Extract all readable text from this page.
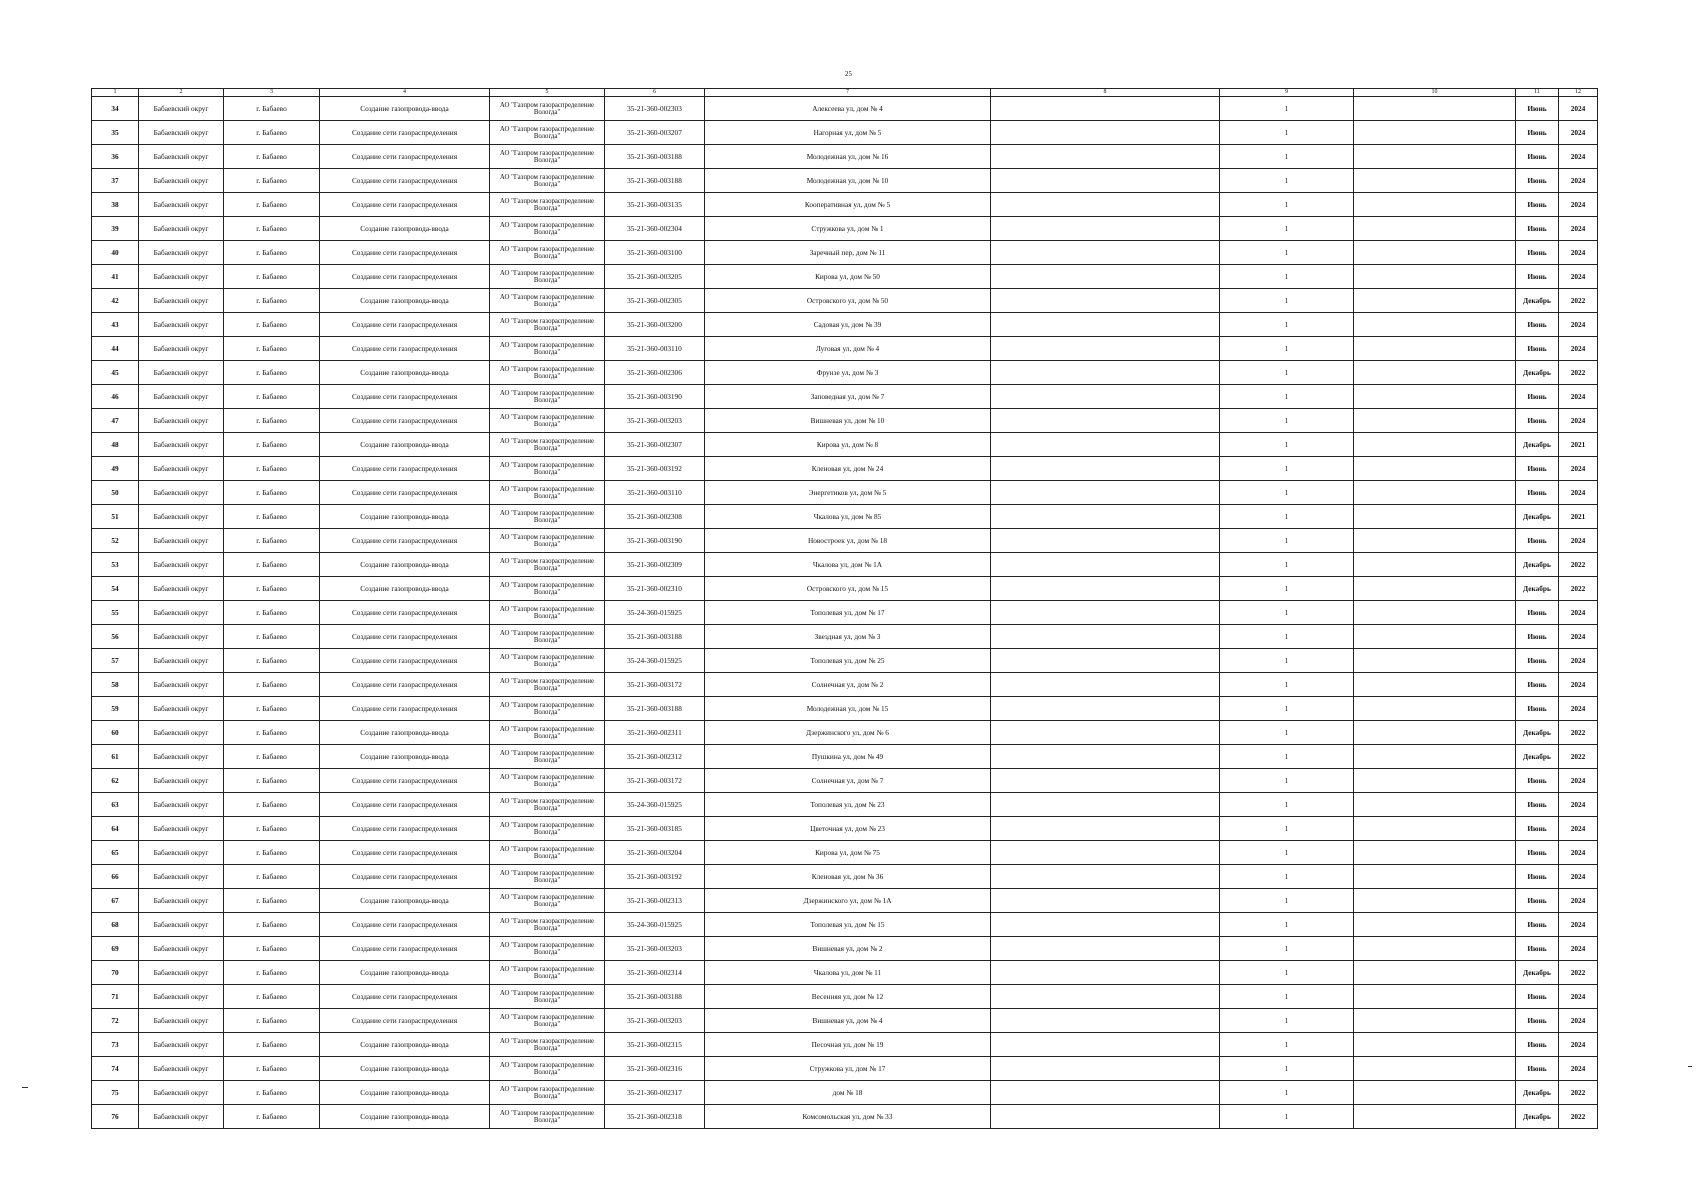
25
1	2	3	4	5	6	7	8	9	10	11	12
34	Бабаевский округ	г. Бабаево	Создание газопровода-ввода	АО "Газпром газораспределение Вологда"	35-21-360-002303	Алексеева ул, дом № 4		1		Июнь	2024
35	Бабаевский округ	г. Бабаево	Создание сети газораспределения	АО "Газпром газораспределение Вологда"	35-21-360-003207	Нагорная ул, дом № 5		1		Июнь	2024
36	Бабаевский округ	г. Бабаево	Создание сети газораспределения	АО "Газпром газораспределение Вологда"	35-21-360-003188	Молодежная ул, дом № 16		1		Июнь	2024
37	Бабаевский округ	г. Бабаево	Создание сети газораспределения	АО "Газпром газораспределение Вологда"	35-21-360-003188	Молодежная ул, дом № 10		1		Июнь	2024
38	Бабаевский округ	г. Бабаево	Создание сети газораспределения	АО "Газпром газораспределение Вологда"	35-21-360-003135	Кооперативная ул, дом № 5		1		Июнь	2024
39	Бабаевский округ	г. Бабаево	Создание газопровода-ввода	АО "Газпром газораспределение Вологда"	35-21-360-002304	Стружкова ул, дом № 1		1		Июнь	2024
40	Бабаевский округ	г. Бабаево	Создание сети газораспределения	АО "Газпром газораспределение Вологда"	35-21-360-003100	Заречный пер, дом № 11		1		Июнь	2024
41	Бабаевский округ	г. Бабаево	Создание сети газораспределения	АО "Газпром газораспределение Вологда"	35-21-360-003205	Кирова ул, дом № 50		1		Июнь	2024
42	Бабаевский округ	г. Бабаево	Создание газопровода-ввода	АО "Газпром газораспределение Вологда"	35-21-360-002305	Островского ул, дом № 50		1		Декабрь	2022
43	Бабаевский округ	г. Бабаево	Создание сети газораспределения	АО "Газпром газораспределение Вологда"	35-21-360-003200	Садовая ул, дом № 39		1		Июнь	2024
44	Бабаевский округ	г. Бабаево	Создание сети газораспределения	АО "Газпром газораспределение Вологда"	35-21-360-003110	Луговая ул, дом № 4		1		Июнь	2024
45	Бабаевский округ	г. Бабаево	Создание газопровода-ввода	АО "Газпром газораспределение Вологда"	35-21-360-002306	Фрунзе ул, дом № 3		1		Декабрь	2022
46	Бабаевский округ	г. Бабаево	Создание сети газораспределения	АО "Газпром газораспределение Вологда"	35-21-360-003190	Заповедная ул, дом № 7		1		Июнь	2024
47	Бабаевский округ	г. Бабаево	Создание сети газораспределения	АО "Газпром газораспределение Вологда"	35-21-360-003203	Вишневая ул, дом № 10		1		Июнь	2024
48	Бабаевский округ	г. Бабаево	Создание газопровода-ввода	АО "Газпром газораспределение Вологда"	35-21-360-002307	Кирова ул, дом № 8		1		Декабрь	2021
49	Бабаевский округ	г. Бабаево	Создание сети газораспределения	АО "Газпром газораспределение Вологда"	35-21-360-003192	Кленовая ул, дом № 24		1		Июнь	2024
50	Бабаевский округ	г. Бабаево	Создание сети газораспределения	АО "Газпром газораспределение Вологда"	35-21-360-003110	Энергетиков ул, дом № 5		1		Июнь	2024
51	Бабаевский округ	г. Бабаево	Создание газопровода-ввода	АО "Газпром газораспределение Вологда"	35-21-360-002308	Чкалова ул, дом № 85		1		Декабрь	2021
52	Бабаевский округ	г. Бабаево	Создание сети газораспределения	АО "Газпром газораспределение Вологда"	35-21-360-003190	Новостроек ул, дом № 18		1		Июнь	2024
53	Бабаевский округ	г. Бабаево	Создание газопровода-ввода	АО "Газпром газораспределение Вологда"	35-21-360-002309	Чкалова ул, дом № 1А		1		Декабрь	2022
54	Бабаевский округ	г. Бабаево	Создание газопровода-ввода	АО "Газпром газораспределение Вологда"	35-21-360-002310	Островского ул, дом № 15		1		Декабрь	2022
55	Бабаевский округ	г. Бабаево	Создание сети газораспределения	АО "Газпром газораспределение Вологда"	35-24-360-015925	Тополевая ул, дом № 17		1		Июнь	2024
56	Бабаевский округ	г. Бабаево	Создание сети газораспределения	АО "Газпром газораспределение Вологда"	35-21-360-003188	Звездная ул, дом № 3		1		Июнь	2024
57	Бабаевский округ	г. Бабаево	Создание сети газораспределения	АО "Газпром газораспределение Вологда"	35-24-360-015925	Тополевая ул, дом № 25		1		Июнь	2024
58	Бабаевский округ	г. Бабаево	Создание сети газораспределения	АО "Газпром газораспределение Вологда"	35-21-360-003172	Солнечная ул, дом № 2		1		Июнь	2024
59	Бабаевский округ	г. Бабаево	Создание сети газораспределения	АО "Газпром газораспределение Вологда"	35-21-360-003188	Молодежная ул, дом № 15		1		Июнь	2024
60	Бабаевский округ	г. Бабаево	Создание газопровода-ввода	АО "Газпром газораспределение Вологда"	35-21-360-002311	Дзержинского ул, дом № 6		1		Декабрь	2022
61	Бабаевский округ	г. Бабаево	Создание газопровода-ввода	АО "Газпром газораспределение Вологда"	35-21-360-002312	Пушкина ул, дом № 49		1		Декабрь	2022
62	Бабаевский округ	г. Бабаево	Создание сети газораспределения	АО "Газпром газораспределение Вологда"	35-21-360-003172	Солнечная ул, дом № 7		1		Июнь	2024
63	Бабаевский округ	г. Бабаево	Создание сети газораспределения	АО "Газпром газораспределение Вологда"	35-24-360-015925	Тополевая ул, дом № 23		1		Июнь	2024
64	Бабаевский округ	г. Бабаево	Создание сети газораспределения	АО "Газпром газораспределение Вологда"	35-21-360-003185	Цветочная ул, дом № 23		1		Июнь	2024
65	Бабаевский округ	г. Бабаево	Создание сети газораспределения	АО "Газпром газораспределение Вологда"	35-21-360-003204	Кирова ул, дом № 75		1		Июнь	2024
66	Бабаевский округ	г. Бабаево	Создание сети газораспределения	АО "Газпром газораспределение Вологда"	35-21-360-003192	Кленовая ул, дом № 36		1		Июнь	2024
67	Бабаевский округ	г. Бабаево	Создание газопровода-ввода	АО "Газпром газораспределение Вологда"	35-21-360-002313	Дзержинского ул, дом № 1А		1		Июнь	2024
68	Бабаевский округ	г. Бабаево	Создание сети газораспределения	АО "Газпром газораспределение Вологда"	35-24-360-015925	Тополевая ул, дом № 15		1		Июнь	2024
69	Бабаевский округ	г. Бабаево	Создание сети газораспределения	АО "Газпром газораспределение Вологда"	35-21-360-003203	Вишневая ул, дом № 2		1		Июнь	2024
70	Бабаевский округ	г. Бабаево	Создание газопровода-ввода	АО "Газпром газораспределение Вологда"	35-21-360-002314	Чкалова ул, дом № 11		1		Декабрь	2022
71	Бабаевский округ	г. Бабаево	Создание сети газораспределения	АО "Газпром газораспределение Вологда"	35-21-360-003188	Весенняя ул, дом № 12		1		Июнь	2024
72	Бабаевский округ	г. Бабаево	Создание сети газораспределения	АО "Газпром газораспределение Вологда"	35-21-360-003203	Вишневая ул, дом № 4		1		Июнь	2024
73	Бабаевский округ	г. Бабаево	Создание газопровода-ввода	АО "Газпром газораспределение Вологда"	35-21-360-002315	Песочная ул, дом № 19		1		Июнь	2024
74	Бабаевский округ	г. Бабаево	Создание газопровода-ввода	АО "Газпром газораспределение Вологда"	35-21-360-002316	Стружкова ул, дом № 17		1		Июнь	2024
75	Бабаевский округ	г. Бабаево	Создание газопровода-ввода	АО "Газпром газораспределение Вологда"	35-21-360-002317	дом № 18		1		Декабрь	2022
76	Бабаевский округ	г. Бабаево	Создание газопровода-ввода	АО "Газпром газораспределение Вологда"	35-21-360-002318	Комсомольская ул, дом № 33		1		Декабрь	2022
